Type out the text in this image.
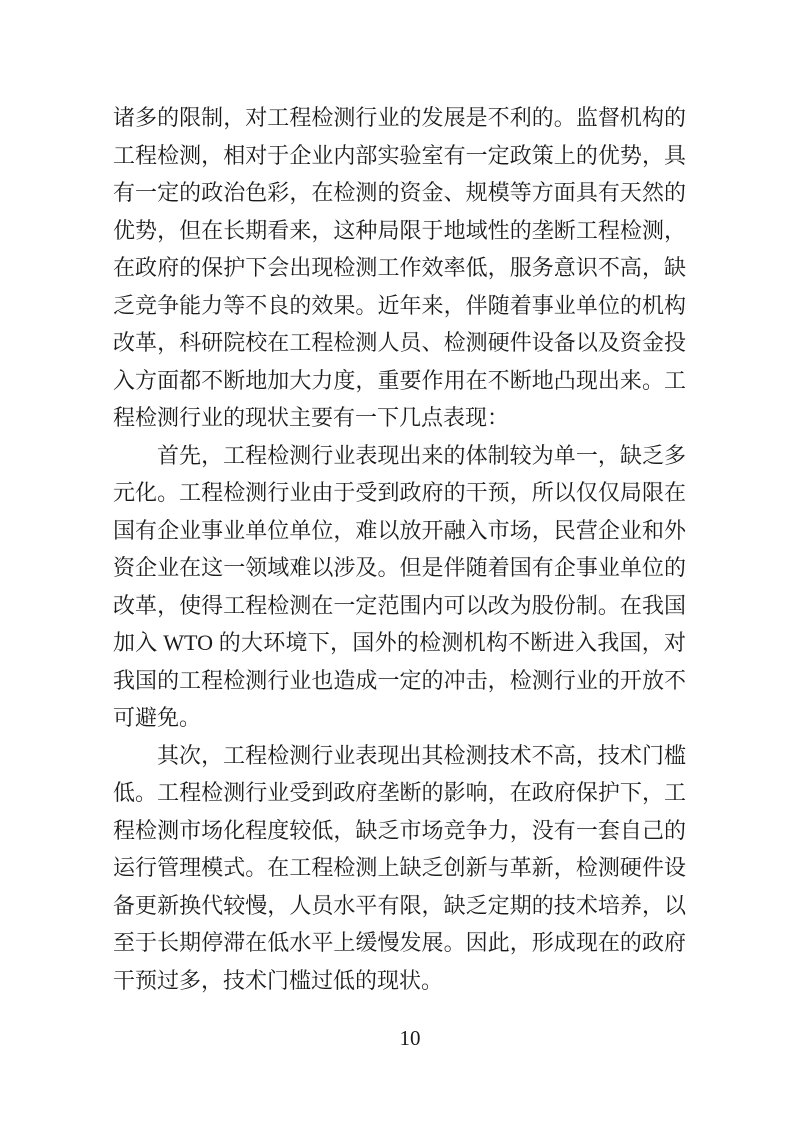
诸多的限制，对工程检测行业的发展是不利的。监督机构的工程检测，相对于企业内部实验室有一定政策上的优势，具有一定的政治色彩，在检测的资金、规模等方面具有天然的优势，但在长期看来，这种局限于地域性的垄断工程检测，在政府的保护下会出现检测工作效率低，服务意识不高，缺乏竞争能力等不良的效果。近年来，伴随着事业单位的机构改革，科研院校在工程检测人员、检测硬件设备以及资金投入方面都不断地加大力度，重要作用在不断地凸现出来。工程检测行业的现状主要有一下几点表现：

首先，工程检测行业表现出来的体制较为单一，缺乏多元化。工程检测行业由于受到政府的干预，所以仅仅局限在国有企业事业单位单位，难以放开融入市场，民营企业和外资企业在这一领域难以涉及。但是伴随着国有企事业单位的改革，使得工程检测在一定范围内可以改为股份制。在我国加入 WTO 的大环境下，国外的检测机构不断进入我国，对我国的工程检测行业也造成一定的冲击，检测行业的开放不可避免。

其次，工程检测行业表现出其检测技术不高，技术门槛低。工程检测行业受到政府垄断的影响，在政府保护下，工程检测市场化程度较低，缺乏市场竞争力，没有一套自己的运行管理模式。在工程检测上缺乏创新与革新，检测硬件设备更新换代较慢，人员水平有限，缺乏定期的技术培养，以至于长期停滞在低水平上缓慢发展。因此，形成现在的政府干预过多，技术门槛过低的现状。

10
